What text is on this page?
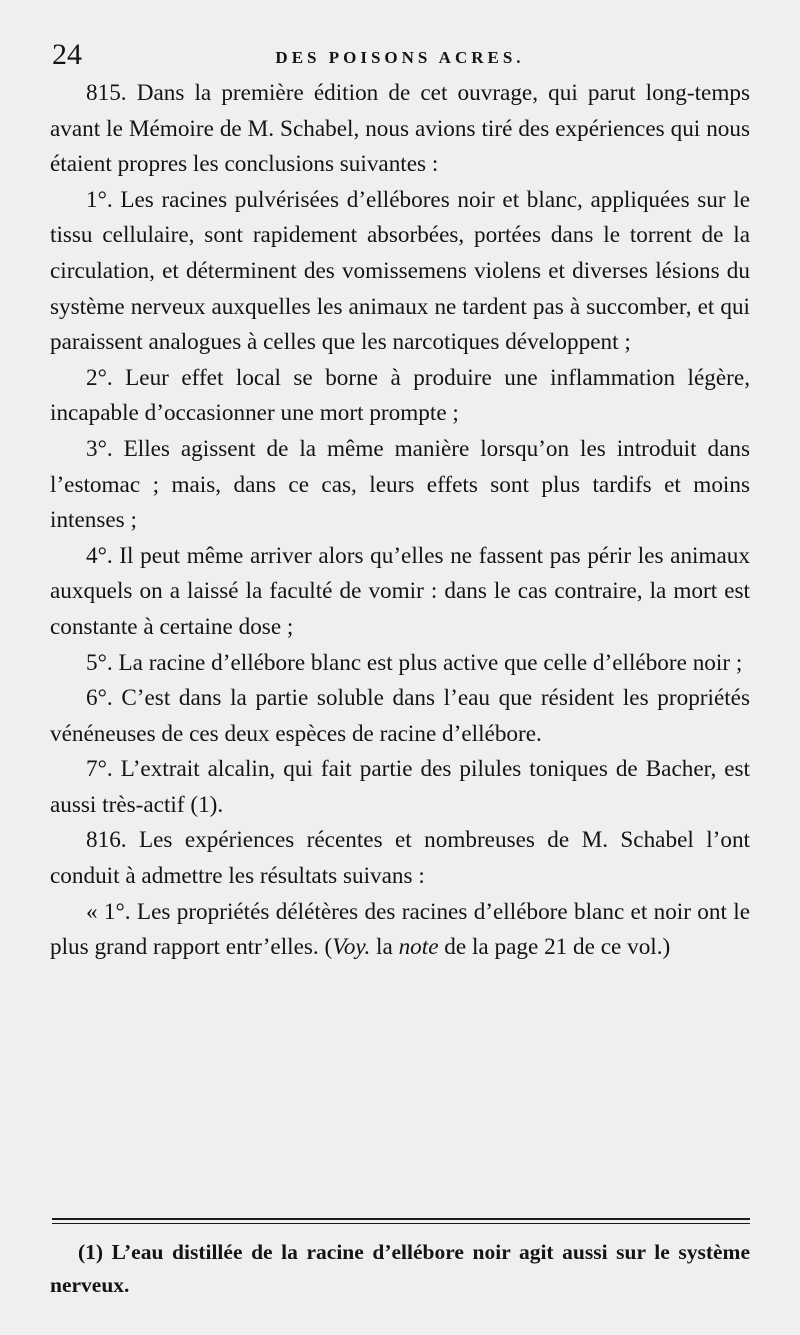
24	DES POISONS ACRES.

815. Dans la première édition de cet ouvrage, qui parut long-temps avant le Mémoire de M. Schabel, nous avions tiré des expériences qui nous étaient propres les conclusions suivantes :

1°. Les racines pulvérisées d’ellébores noir et blanc, appliquées sur le tissu cellulaire, sont rapidement absorbées, portées dans le torrent de la circulation, et déterminent des vomissemens violens et diverses lésions du système nerveux auxquelles les animaux ne tardent pas à succomber, et qui paraissent analogues à celles que les narcotiques développent ;

2°. Leur effet local se borne à produire une inflammation légère, incapable d’occasionner une mort prompte ;

3°. Elles agissent de la même manière lorsqu’on les introduit dans l’estomac ; mais, dans ce cas, leurs effets sont plus tardifs et moins intenses ;

4°. Il peut même arriver alors qu’elles ne fassent pas périr les animaux auxquels on a laissé la faculté de vomir : dans le cas contraire, la mort est constante à certaine dose ;

5°. La racine d’ellébore blanc est plus active que celle d’ellébore noir ;

6°. C’est dans la partie soluble dans l’eau que résident les propriétés vénéneuses de ces deux espèces de racine d’ellébore.

7°. L’extrait alcalin, qui fait partie des pilules toniques de Bacher, est aussi très-actif (1).

816. Les expériences récentes et nombreuses de M. Schabel l’ont conduit à admettre les résultats suivans :

« 1°. Les propriétés délétères des racines d’ellébore blanc et noir ont le plus grand rapport entr’elles. (Voy. la note de la page 21 de ce vol.)

(1) L’eau distillée de la racine d’ellébore noir agit aussi sur le système nerveux.
